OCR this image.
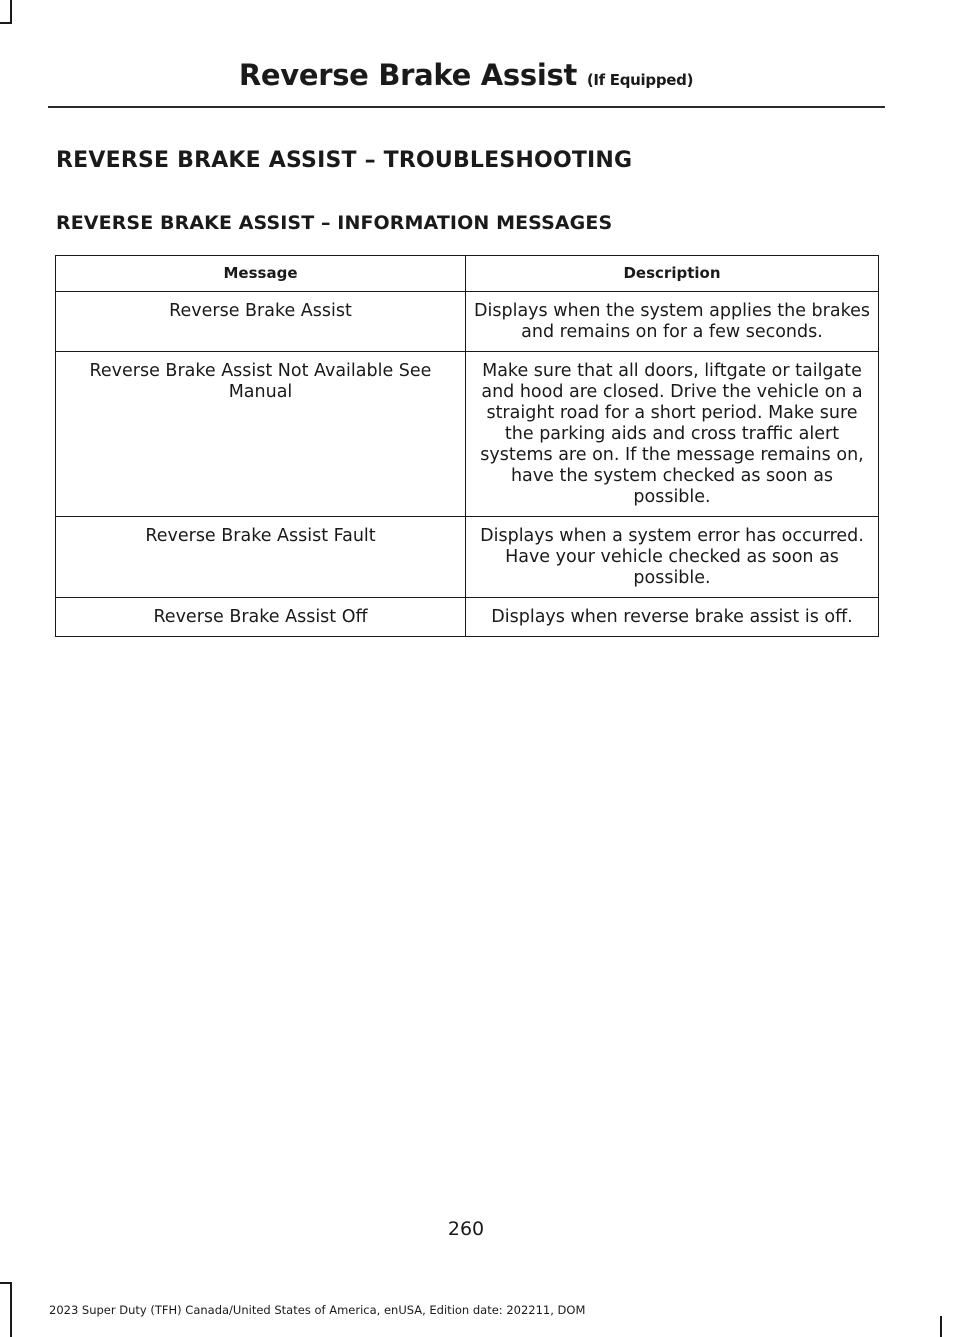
Reverse Brake Assist (If Equipped)
REVERSE BRAKE ASSIST – TROUBLESHOOTING
REVERSE BRAKE ASSIST – INFORMATION MESSAGES
Message	Description
Reverse Brake Assist	Displays when the system applies the brakes and remains on for a few seconds.
Reverse Brake Assist Not Available See Manual	Make sure that all doors, liftgate or tailgate and hood are closed. Drive the vehicle on a straight road for a short period. Make sure the parking aids and cross traffic alert systems are on. If the message remains on, have the system checked as soon as possible.
Reverse Brake Assist Fault	Displays when a system error has occurred. Have your vehicle checked as soon as possible.
Reverse Brake Assist Off	Displays when reverse brake assist is off.
260
2023 Super Duty (TFH) Canada/United States of America, enUSA, Edition date: 202211, DOM
